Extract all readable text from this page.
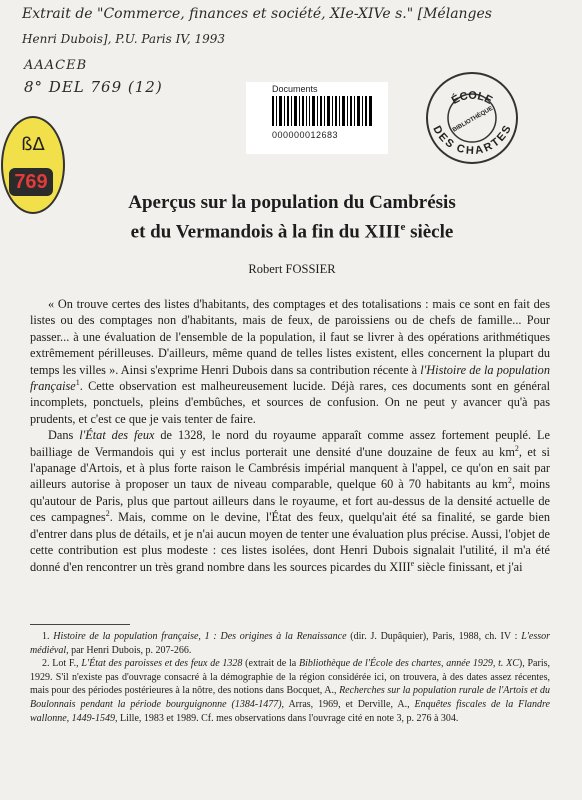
Extrait de "Commerce, finances et société, XIe-XIVe s." [Mélanges
Henri Dubois], P.U. Paris IV, 1993
AAACEB
8° DEL 769 (12)
ßΔ
769
Documents
000000012683
ÉCOLE
DES CHARTES
BIBLIOTHÈQUE
Aperçus sur la population du Cambrésis
et du Vermandois à la fin du XIIIe siècle
Robert FOSSIER

« On trouve certes des listes d'habitants, des comptages et des totalisations : mais ce sont en fait des listes ou des comptages non d'habitants, mais de feux, de paroissiens ou de chefs de famille... Pour passer... à une évaluation de l'ensemble de la population, il faut se livrer à des opérations arithmétiques extrêmement périlleuses. D'ailleurs, même quand de telles listes existent, elles concernent la plupart du temps les villes ». Ainsi s'exprime Henri Dubois dans sa contribution récente à l'Histoire de la population française$^1$. Cette observation est malheureusement lucide. Déjà rares, ces documents sont en général incomplets, ponctuels, pleins d'embûches, et sources de confusion. On ne peut y avancer qu'à pas prudents, et c'est ce que je vais tenter de faire.

Dans l'État des feux de 1328, le nord du royaume apparaît comme assez fortement peuplé. Le bailliage de Vermandois qui y est inclus porterait une densité d'une douzaine de feux au $km^2$, et si l'apanage d'Artois, et à plus forte raison le Cambrésis impérial manquent à l'appel, ce qu'on en sait par ailleurs autorise à proposer un taux de niveau comparable, quelque 60 à 70 habitants au $km^2$, moins qu'autour de Paris, plus que partout ailleurs dans le royaume, et fort au-dessus de la densité actuelle de ces campagnes$^2$. Mais, comme on le devine, l'État des feux, quelqu'ait été sa finalité, se garde bien d'entrer dans plus de détails, et je n'ai aucun moyen de tenter une évaluation plus précise. Aussi, l'objet de cette contribution est plus modeste : ces listes isolées, dont Henri Dubois signalait l'utilité, il m'a été donné d'en rencontrer un très grand nombre dans les sources picardes du XIIIe siècle finissant, et j'ai

1. Histoire de la population française, 1 : Des origines à la Renaissance (dir. J. Dupâquier), Paris, 1988, ch. IV : L'essor médiéval, par Henri Dubois, p. 207-266.

2. Lot F., L'État des paroisses et des feux de 1328 (extrait de la Bibliothèque de l'École des chartes, année 1929, t. XC), Paris, 1929. S'il n'existe pas d'ouvrage consacré à la démographie de la région considérée ici, on trouvera, à des dates assez récentes, mais pour des périodes postérieures à la nôtre, des notions dans Bocquet, A., Recherches sur la population rurale de l'Artois et du Boulonnais pendant la période bourguignonne (1384-1477), Arras, 1969, et Derville, A., Enquêtes fiscales de la Flandre wallonne, 1449-1549, Lille, 1983 et 1989. Cf. mes observations dans l'ouvrage cité en note 3, p. 276 à 304.
